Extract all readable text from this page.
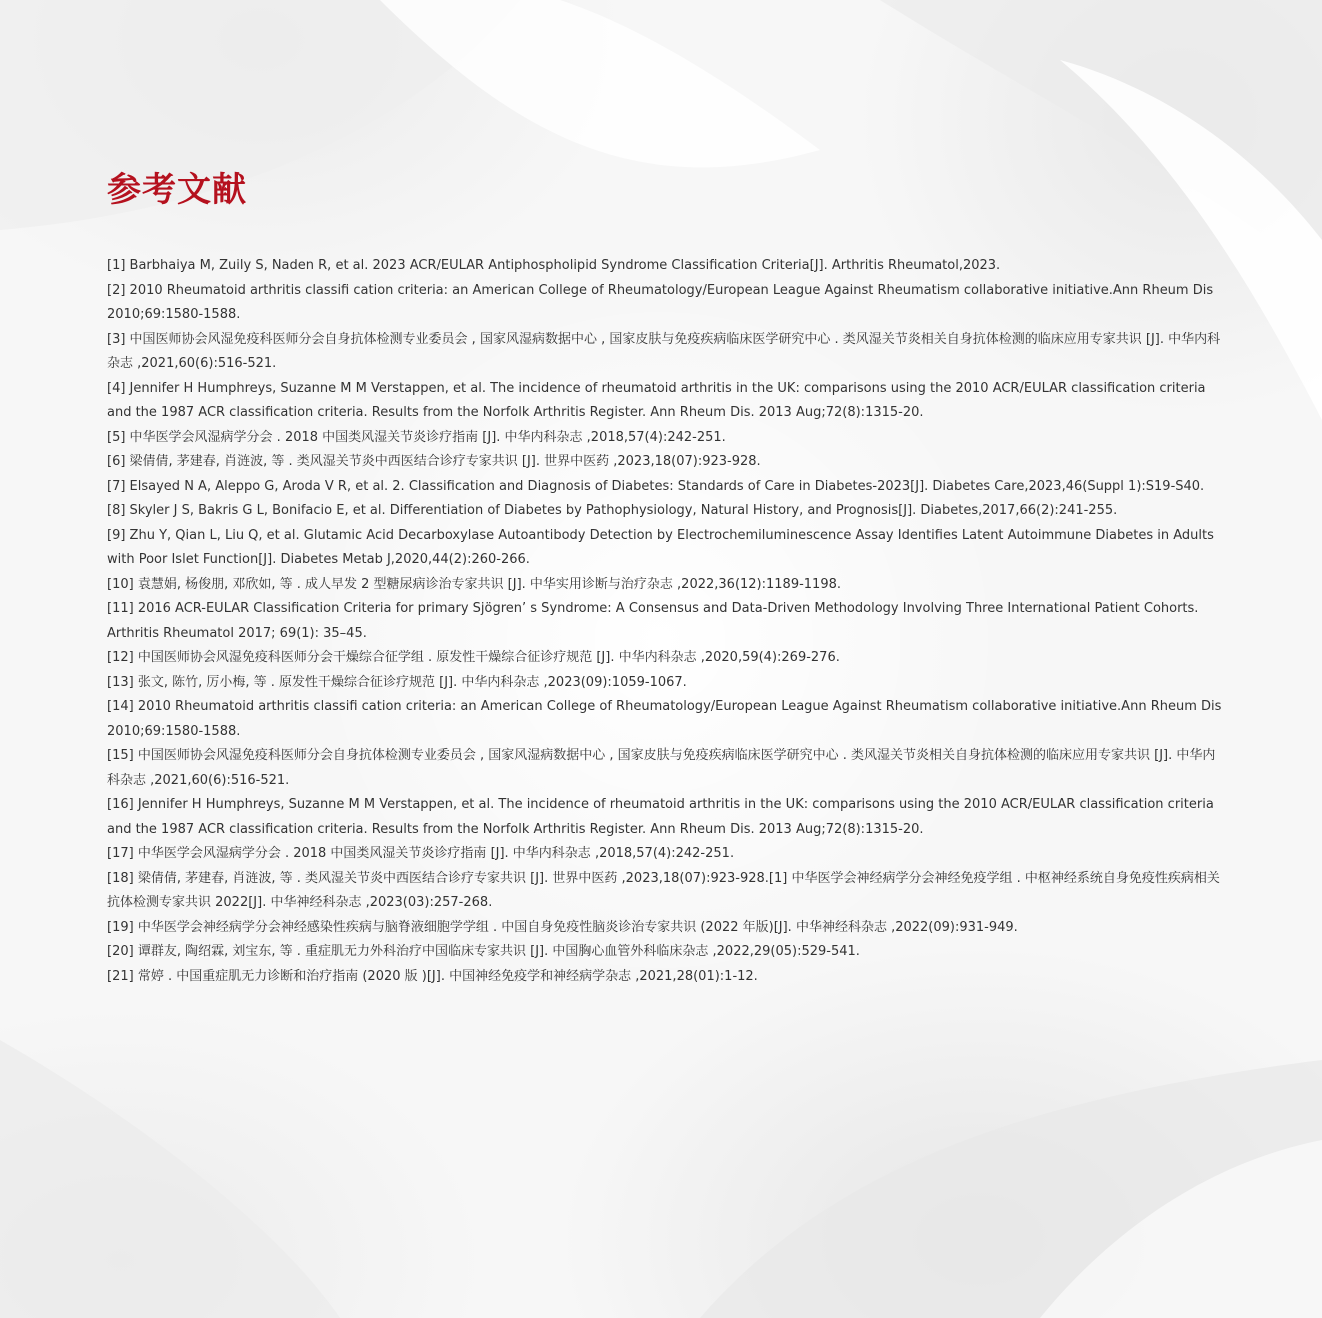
参考文献
[1] Barbhaiya M, Zuily S, Naden R, et al. 2023 ACR/EULAR Antiphospholipid Syndrome Classification Criteria[J]. Arthritis Rheumatol,2023.
[2] 2010 Rheumatoid arthritis classifi cation criteria: an American College of Rheumatology/European League Against Rheumatism collaborative initiative.Ann Rheum Dis 2010;69:1580-1588.
[3] 中国医师协会风湿免疫科医师分会自身抗体检测专业委员会 , 国家风湿病数据中心 , 国家皮肤与免疫疾病临床医学研究中心 . 类风湿关节炎相关自身抗体检测的临床应用专家共识 [J]. 中华内科杂志 ,2021,60(6):516-521.
[4] Jennifer H Humphreys, Suzanne M M Verstappen, et al. The incidence of rheumatoid arthritis in the UK: comparisons using the 2010 ACR/EULAR classification criteria and the 1987 ACR classification criteria. Results from the Norfolk Arthritis Register. Ann Rheum Dis. 2013 Aug;72(8):1315-20.
[5] 中华医学会风湿病学分会 . 2018 中国类风湿关节炎诊疗指南 [J]. 中华内科杂志 ,2018,57(4):242-251.
[6] 梁倩倩, 茅建春, 肖涟波, 等 . 类风湿关节炎中西医结合诊疗专家共识 [J]. 世界中医药 ,2023,18(07):923-928.
[7] Elsayed N A, Aleppo G, Aroda V R, et al. 2. Classification and Diagnosis of Diabetes: Standards of Care in Diabetes-2023[J]. Diabetes Care,2023,46(Suppl 1):S19-S40.
[8] Skyler J S, Bakris G L, Bonifacio E, et al. Differentiation of Diabetes by Pathophysiology, Natural History, and Prognosis[J]. Diabetes,2017,66(2):241-255.
[9] Zhu Y, Qian L, Liu Q, et al. Glutamic Acid Decarboxylase Autoantibody Detection by Electrochemiluminescence Assay Identifies Latent Autoimmune Diabetes in Adults with Poor Islet Function[J]. Diabetes Metab J,2020,44(2):260-266.
[10] 袁慧娟, 杨俊朋, 邓欣如, 等 . 成人早发 2 型糖尿病诊治专家共识 [J]. 中华实用诊断与治疗杂志 ,2022,36(12):1189-1198.
[11] 2016 ACR-EULAR Classification Criteria for primary Sjögren’ s Syndrome: A Consensus and Data-Driven Methodology Involving Three International Patient Cohorts. Arthritis Rheumatol 2017; 69(1): 35–45.
[12] 中国医师协会风湿免疫科医师分会干燥综合征学组 . 原发性干燥综合征诊疗规范 [J]. 中华内科杂志 ,2020,59(4):269-276.
[13] 张文, 陈竹, 厉小梅, 等 . 原发性干燥综合征诊疗规范 [J]. 中华内科杂志 ,2023(09):1059-1067.
[14] 2010 Rheumatoid arthritis classifi cation criteria: an American College of Rheumatology/European League Against Rheumatism collaborative initiative.Ann Rheum Dis 2010;69:1580-1588.
[15] 中国医师协会风湿免疫科医师分会自身抗体检测专业委员会 , 国家风湿病数据中心 , 国家皮肤与免疫疾病临床医学研究中心 . 类风湿关节炎相关自身抗体检测的临床应用专家共识 [J]. 中华内科杂志 ,2021,60(6):516-521.
[16] Jennifer H Humphreys, Suzanne M M Verstappen, et al. The incidence of rheumatoid arthritis in the UK: comparisons using the 2010 ACR/EULAR classification criteria and the 1987 ACR classification criteria. Results from the Norfolk Arthritis Register. Ann Rheum Dis. 2013 Aug;72(8):1315-20.
[17] 中华医学会风湿病学分会 . 2018 中国类风湿关节炎诊疗指南 [J]. 中华内科杂志 ,2018,57(4):242-251.
[18] 梁倩倩, 茅建春, 肖涟波, 等 . 类风湿关节炎中西医结合诊疗专家共识 [J]. 世界中医药 ,2023,18(07):923-928.[1] 中华医学会神经病学分会神经免疫学组 . 中枢神经系统自身免疫性疾病相关抗体检测专家共识 2022[J]. 中华神经科杂志 ,2023(03):257-268.
[19] 中华医学会神经病学分会神经感染性疾病与脑脊液细胞学学组 . 中国自身免疫性脑炎诊治专家共识 (2022 年版)[J]. 中华神经科杂志 ,2022(09):931-949.
[20] 谭群友, 陶绍霖, 刘宝东, 等 . 重症肌无力外科治疗中国临床专家共识 [J]. 中国胸心血管外科临床杂志 ,2022,29(05):529-541.
[21] 常婷 . 中国重症肌无力诊断和治疗指南 (2020 版 )[J]. 中国神经免疫学和神经病学杂志 ,2021,28(01):1-12.
